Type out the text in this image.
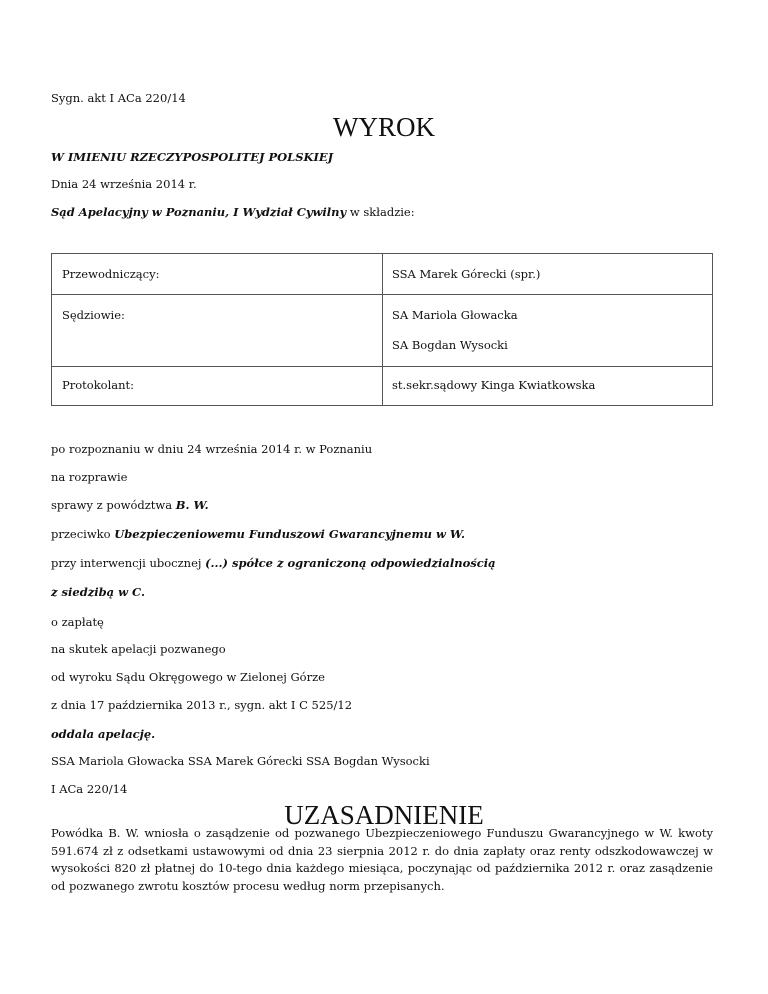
Sygn. akt I ACa 220/14
WYROK
W IMIENIU RZECZYPOSPOLITEJ POLSKIEJ
Dnia 24 września 2014 r.
Sąd Apelacyjny w Poznaniu, I Wydział Cywilny w składzie:
Przewodniczący:	SSA Marek Górecki (spr.)
Sędziowie:	SA Mariola Głowacka
SA Bogdan Wysocki
Protokolant:	st.sekr.sądowy Kinga Kwiatkowska
po rozpoznaniu w dniu 24 września 2014 r. w Poznaniu
na rozprawie
sprawy z powództwa B. W.
przeciwko Ubezpieczeniowemu Funduszowi Gwarancyjnemu w W.
przy interwencji ubocznej (...) spółce z ograniczoną odpowiedzialnością
z siedzibą w C.
o zapłatę
na skutek apelacji pozwanego
od wyroku Sądu Okręgowego w Zielonej Górze
z dnia 17 października 2013 r., sygn. akt I C 525/12
oddala apelację.
SSA Mariola Głowacka SSA Marek Górecki SSA Bogdan Wysocki
I ACa 220/14
UZASADNIENIE
Powódka B. W. wniosła o zasądzenie od pozwanego Ubezpieczeniowego Funduszu Gwarancyjnego w W. kwoty 591.674 zł z odsetkami ustawowymi od dnia 23 sierpnia 2012 r. do dnia zapłaty oraz renty odszkodowawczej w wysokości 820 zł płatnej do 10-tego dnia każdego miesiąca, poczynając od października 2012 r. oraz zasądzenie od pozwanego zwrotu kosztów procesu według norm przepisanych.
